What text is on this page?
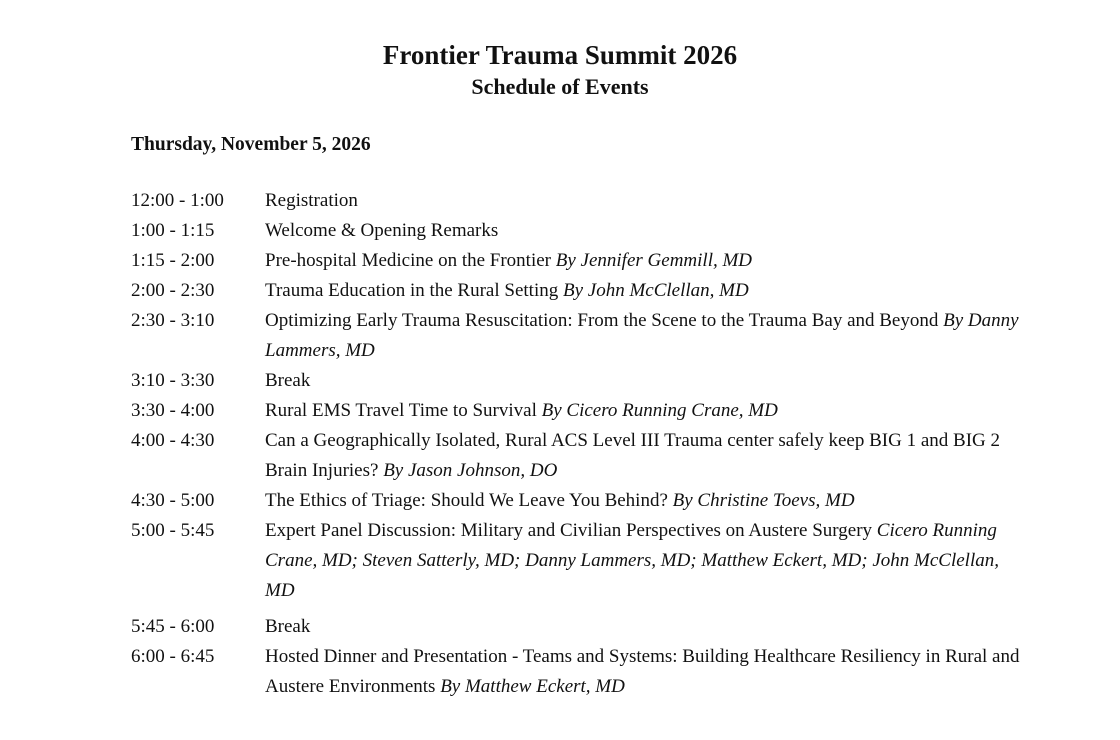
Frontier Trauma Summit 2026
Schedule of Events
Thursday, November 5, 2026
12:00 - 1:00	Registration
1:00 - 1:15	Welcome & Opening Remarks
1:15 - 2:00	Pre-hospital Medicine on the Frontier By Jennifer Gemmill, MD
2:00 - 2:30	Trauma Education in the Rural Setting By John McClellan, MD
2:30 - 3:10	Optimizing Early Trauma Resuscitation: From the Scene to the Trauma Bay and Beyond By Danny Lammers, MD
3:10 - 3:30	Break
3:30 - 4:00	Rural EMS Travel Time to Survival By Cicero Running Crane, MD
4:00 - 4:30	Can a Geographically Isolated, Rural ACS Level III Trauma center safely keep BIG 1 and BIG 2 Brain Injuries? By Jason Johnson, DO
4:30 - 5:00	The Ethics of Triage: Should We Leave You Behind? By Christine Toevs, MD
5:00 - 5:45	Expert Panel Discussion: Military and Civilian Perspectives on Austere Surgery Cicero Running Crane, MD; Steven Satterly, MD; Danny Lammers, MD; Matthew Eckert, MD; John McClellan, MD
5:45 - 6:00	Break
6:00 - 6:45	Hosted Dinner and Presentation - Teams and Systems: Building Healthcare Resiliency in Rural and Austere Environments By Matthew Eckert, MD
